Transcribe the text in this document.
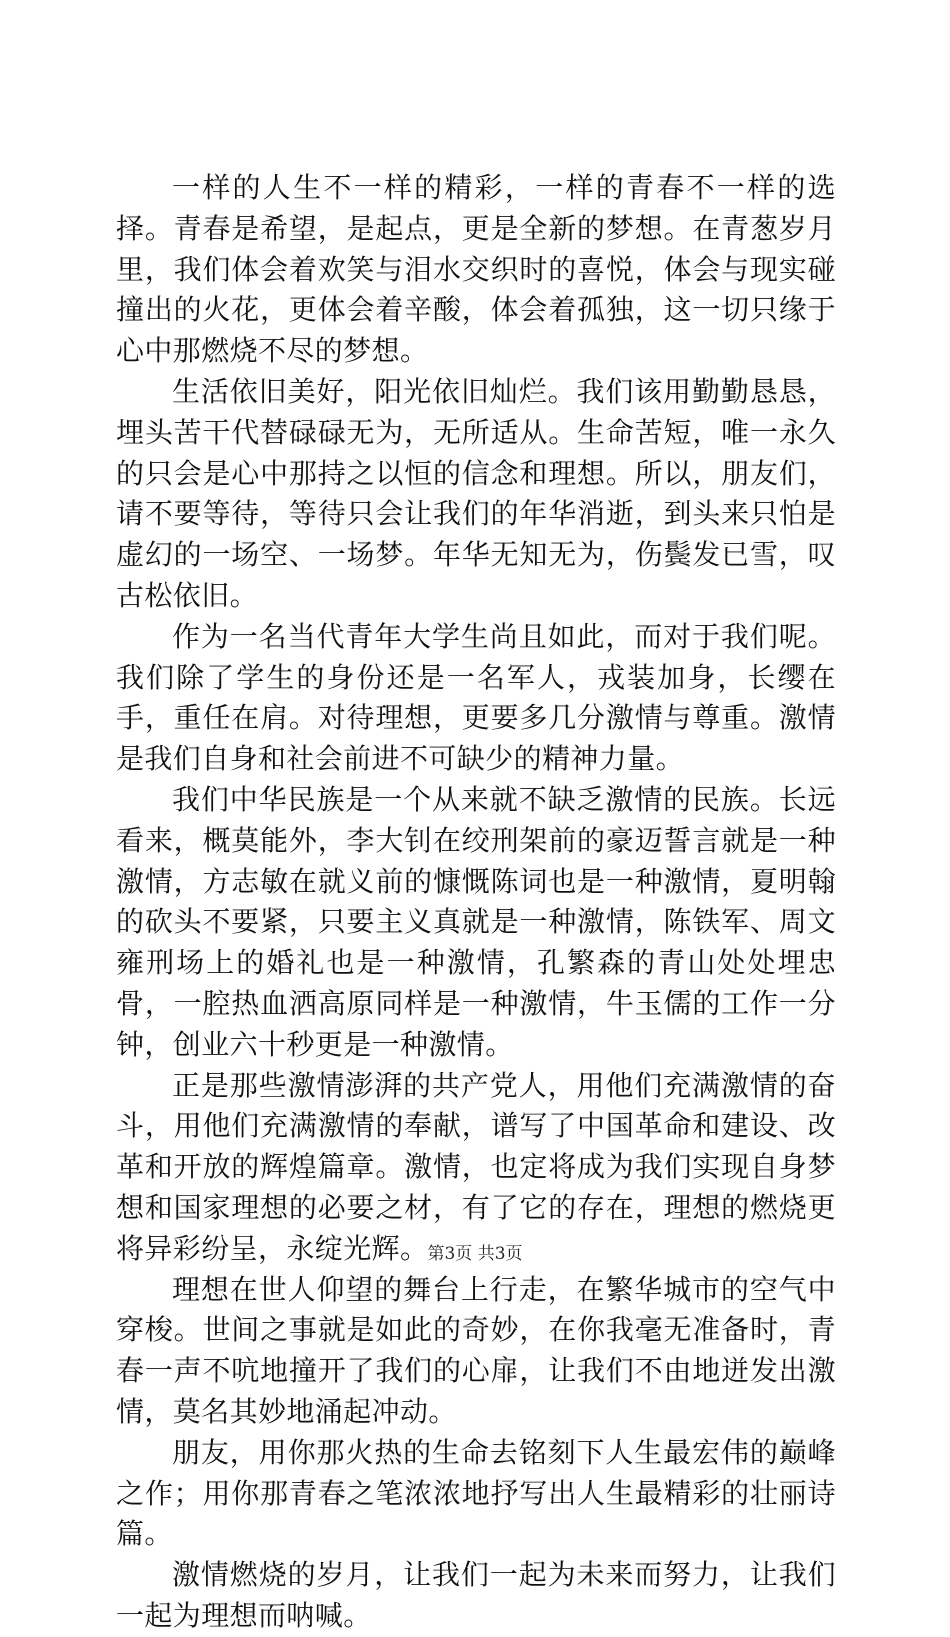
一样的人生不一样的精彩，一样的青春不一样的选择。青春是希望，是起点，更是全新的梦想。在青葱岁月里，我们体会着欢笑与泪水交织时的喜悦，体会与现实碰撞出的火花，更体会着辛酸，体会着孤独，这一切只缘于心中那燃烧不尽的梦想。

生活依旧美好，阳光依旧灿烂。我们该用勤勤恳恳，埋头苦干代替碌碌无为，无所适从。生命苦短，唯一永久的只会是心中那持之以恒的信念和理想。所以，朋友们，请不要等待，等待只会让我们的年华消逝，到头来只怕是虚幻的一场空、一场梦。年华无知无为，伤鬓发已雪，叹古松依旧。

作为一名当代青年大学生尚且如此，而对于我们呢。我们除了学生的身份还是一名军人，戎装加身，长缨在手，重任在肩。对待理想，更要多几分激情与尊重。激情是我们自身和社会前进不可缺少的精神力量。

我们中华民族是一个从来就不缺乏激情的民族。长远看来，概莫能外，李大钊在绞刑架前的豪迈誓言就是一种激情，方志敏在就义前的慷慨陈词也是一种激情，夏明翰的砍头不要紧，只要主义真就是一种激情，陈铁军、周文雍刑场上的婚礼也是一种激情，孔繁森的青山处处埋忠骨，一腔热血洒高原同样是一种激情，牛玉儒的工作一分钟，创业六十秒更是一种激情。

正是那些激情澎湃的共产党人，用他们充满激情的奋斗，用他们充满激情的奉献，谱写了中国革命和建设、改革和开放的辉煌篇章。激情，也定将成为我们实现自身梦想和国家理想的必要之材，有了它的存在，理想的燃烧更将异彩纷呈，永绽光辉。

理想在世人仰望的舞台上行走，在繁华城市的空气中穿梭。世间之事就是如此的奇妙，在你我毫无准备时，青春一声不吭地撞开了我们的心扉，让我们不由地迸发出激情，莫名其妙地涌起冲动。

朋友，用你那火热的生命去铭刻下人生最宏伟的巅峰之作；用你那青春之笔浓浓地抒写出人生最精彩的壮丽诗篇。

激情燃烧的岁月，让我们一起为未来而努力，让我们一起为理想而呐喊。

第3页 共3页
